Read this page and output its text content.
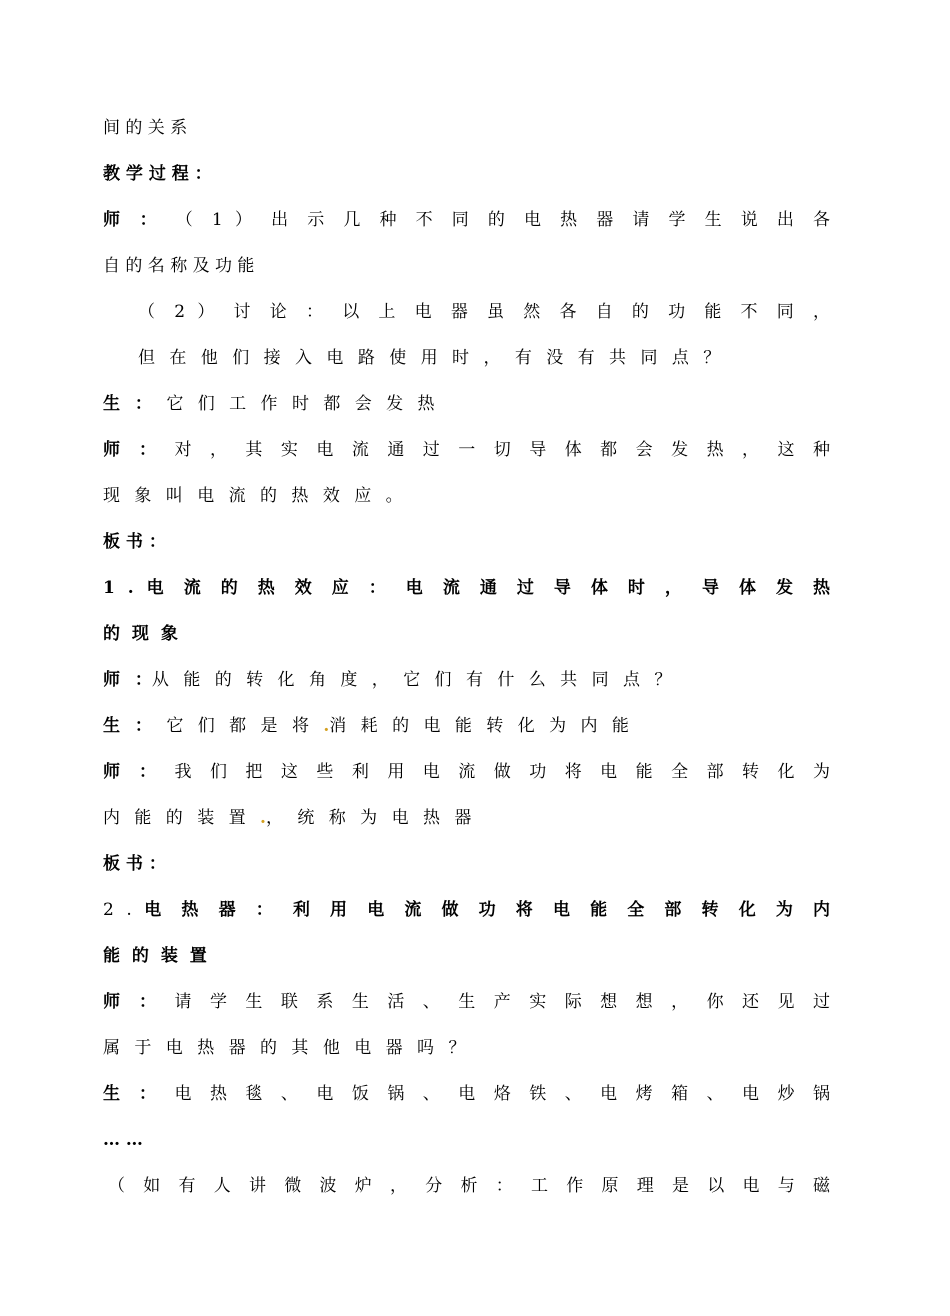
间 的 关 系
教 学 过 程 ：
师 ： （ 1 ） 出 示 几 种 不 同 的 电 热 器 请 学 生 说 出 各
自 的 名 称 及 功 能
（ 2 ） 讨 论 ： 以 上 电 器 虽 然 各 自 的 功 能 不 同 ，
但 在 他 们 接 入 电 路 使 用 时 ， 有 没 有 共 同 点 ？
生 ： 它 们 工 作 时 都 会 发 热
师 ： 对 ， 其 实 电 流 通 过 一 切 导 体 都 会 发 热 ， 这 种
现 象 叫 电 流 的 热 效 应 。
板 书 ：
1 . 电 流 的 热 效 应 ： 电 流 通 过 导 体 时 ， 导 体 发 热
的 现 象
师 ：从 能 的 转 化 角 度 ， 它 们 有 什 么 共 同 点 ？
生 ： 它 们 都 是 将 .消 耗 的 电 能 转 化 为 内 能
师 ： 我 们 把 这 些 利 用 电 流 做 功 将 电 能 全 部 转 化 为
内 能 的 装 置 .， 统 称 为 电 热 器
板 书 ：
2 . 电 热 器 ： 利 用 电 流 做 功 将 电 能 全 部 转 化 为 内
能 的 装 置
师 ： 请 学 生 联 系 生 活 、 生 产 实 际 想 想 ， 你 还 见 过
属 于 电 热 器 的 其 他 电 器 吗 ？
生 ： 电 热 毯 、 电 饭 锅 、 电 烙 铁 、 电 烤 箱 、 电 炒 锅
… …
（ 如 有 人 讲 微 波 炉 ， 分 析 ： 工 作 原 理 是 以 电 与 磁
